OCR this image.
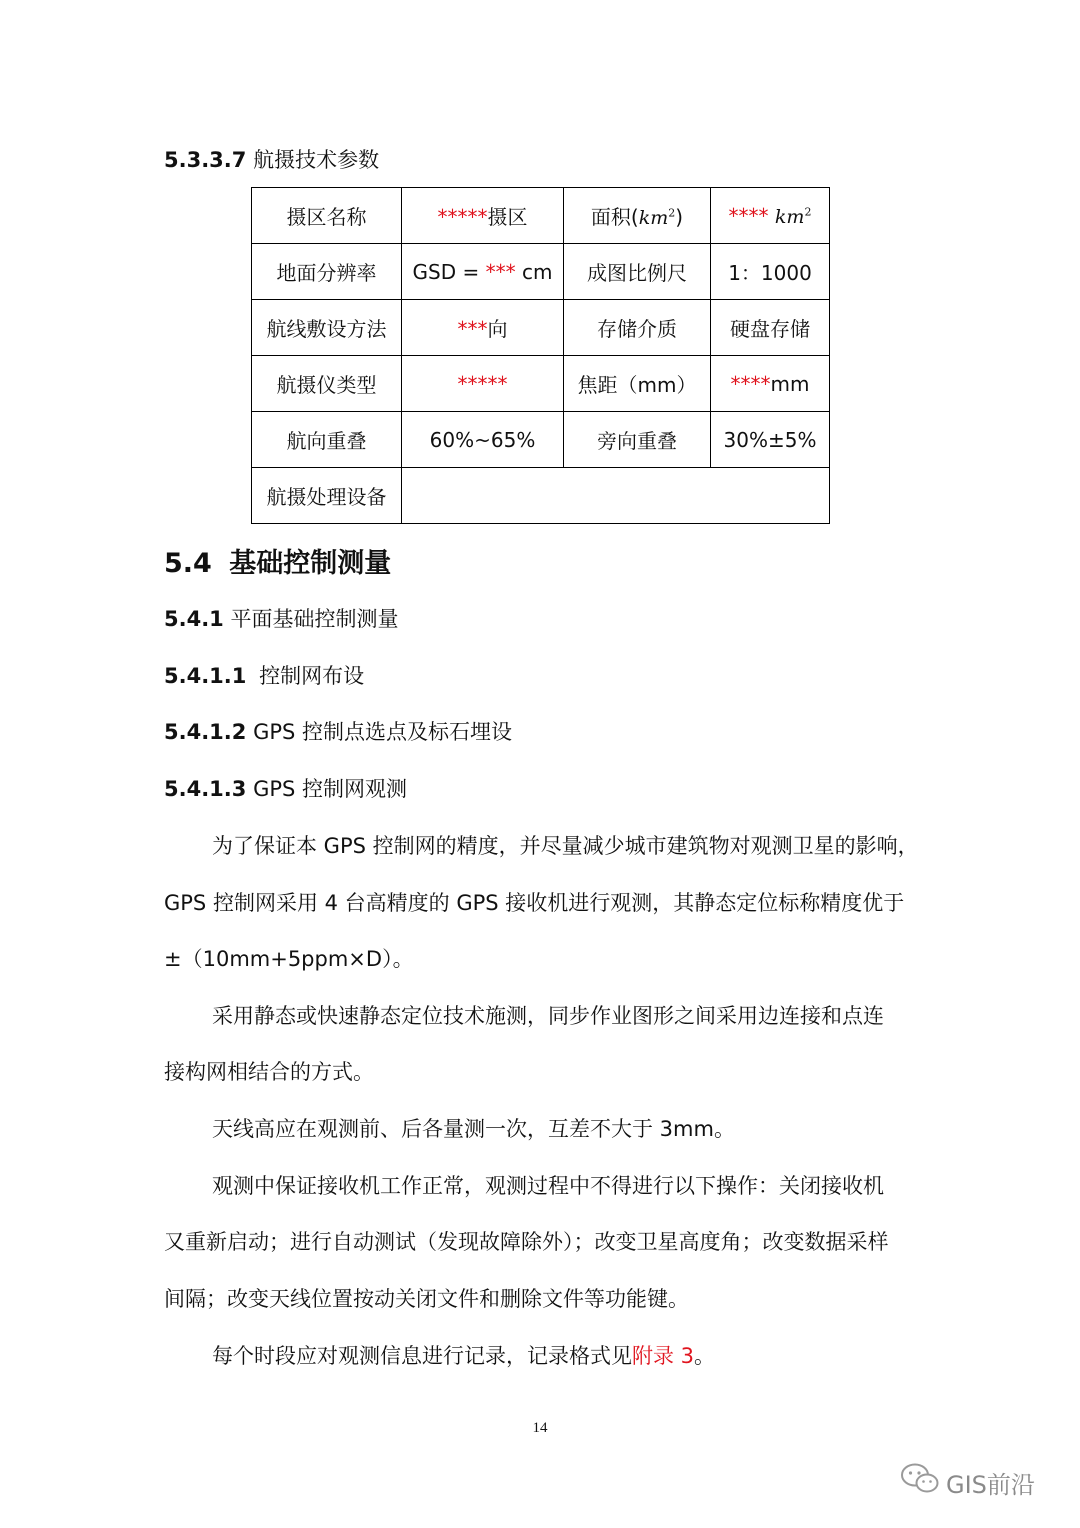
5.3.3.7 航摄技术参数
摄区名称	*****摄区	面积$(km^2)$	**** $km^2$
地面分辨率	GSD = *** cm	成图比例尺	1：1000
航线敷设方法	***向	存储介质	硬盘存储
航摄仪类型	*****	焦距（mm）	****mm
航向重叠	60%~65%	旁向重叠	30%±5%
航摄处理设备			
5.4 基础控制测量
5.4.1 平面基础控制测量
5.4.1.1 控制网布设
5.4.1.2 GPS 控制点选点及标石埋设
5.4.1.3 GPS 控制网观测
为了保证本 GPS 控制网的精度，并尽量减少城市建筑物对观测卫星的影响，
GPS 控制网采用 4 台高精度的 GPS 接收机进行观测，其静态定位标称精度优于
±（10mm+5ppm×D）。
采用静态或快速静态定位技术施测，同步作业图形之间采用边连接和点连
接构网相结合的方式。
天线高应在观测前、后各量测一次，互差不大于 3mm。
观测中保证接收机工作正常，观测过程中不得进行以下操作：关闭接收机
又重新启动；进行自动测试（发现故障除外）；改变卫星高度角；改变数据采样
间隔；改变天线位置按动关闭文件和删除文件等功能键。
每个时段应对观测信息进行记录，记录格式见附录 3。
14
GIS前沿
